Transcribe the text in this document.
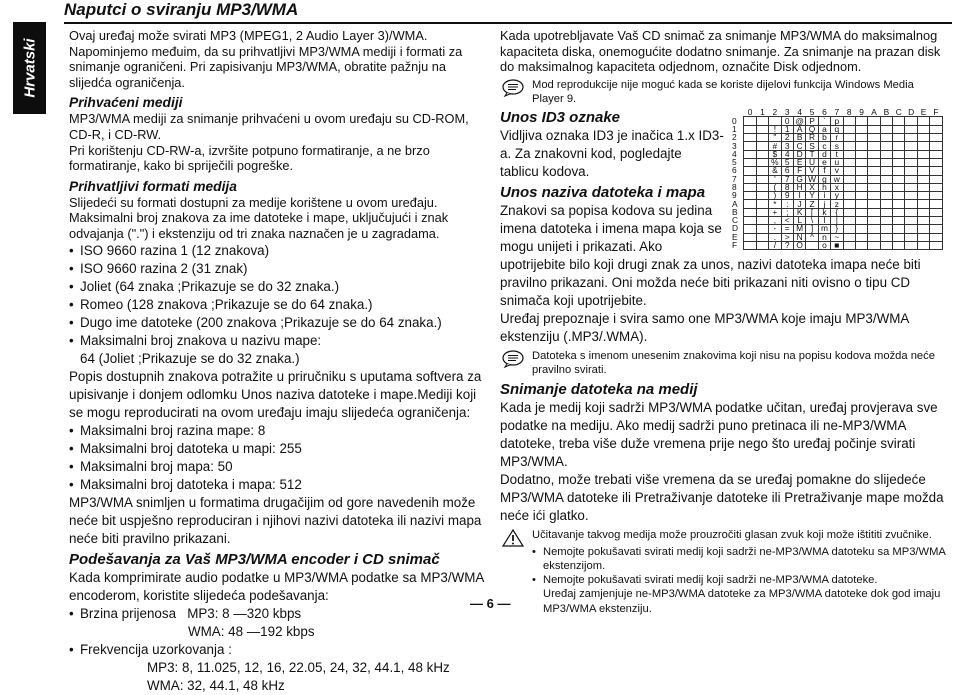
Hrvatski
Naputci o sviranju MP3/WMA

Ovaj uređaj može svirati MP3 (MPEG1, 2 Audio Layer 3)/WMA.

Napominjemo međuim, da su prihvatljivi MP3/WMA mediji i formati za snimanje ograničeni. Pri zapisivanju MP3/WMA, obratite pažnju na slijedća ograničenja.

Prihvaćeni mediji

MP3/WMA mediji za snimanje prihvaćeni u ovom uređaju su CD-ROM, CD-R, i CD-RW.

Pri korištenju CD-RW-a, izvršite potpuno formatiranje, a ne brzo formatiranje, kako bi spriječili pogreške.

Prihvatljivi formati medija

Slijedeći su formati dostupni za medije korištene u ovom uređaju.

Maksimalni broj znakova za ime datoteke i mape, uključujući i znak odvajanja (".") i ekstenziju od tri znaka naznačen je u zagradama.

• ISO 9660 razina 1 (12 znakova)

• ISO 9660 razina 2 (31 znak)

• Joliet (64 znaka ;Prikazuje se do 32 znaka.)

• Romeo (128 znakova ;Prikazuje se do 64 znaka.)

• Dugo ime datoteke (200 znakova ;Prikazuje se do 64 znaka.)

• Maksimalni broj znakova u nazivu mape:

64 (Joliet ;Prikazuje se do 32 znaka.)

Popis dostupnih znakova potražite u priručniku s uputama softvera za upisivanje i donjem odlomku Unos naziva datoteke i mape.Mediji koji se mogu reproducirati na ovom uređaju imaju slijedeća ograničenja:

• Maksimalni broj razina mape: 8

• Maksimalni broj datoteka u mapi: 255

• Maksimalni broj mapa: 50

• Maksimalni broj datoteka i mapa: 512

MP3/WMA snimljen u formatima drugačijim od gore navedenih može neće bit uspješno reproduciran i njihovi nazivi datoteka ili nazivi mapa neće biti pravilno prikazani.

Podešavanja za Vaš MP3/WMA encoder i CD snimač

Kada komprimirate audio podatke u MP3/WMA podatke sa MP3/WMA encoderom, koristite slijedeća podešavanja:

• Brzina prijenosa MP3: 8 —320 kbps

WMA: 48 —192 kbps

• Frekvencija uzorkovanja :

MP3: 8, 11.025, 12, 16, 22.05, 24, 32, 44.1, 48 kHz

WMA: 32, 44.1, 48 kHz

Kada upotrebljavate Vaš CD snimač za snimanje MP3/WMA do maksimalnog kapaciteta diska, onemogućite dodatno snimanje. Za snimanje na prazan disk do maksimalnog kapaciteta odjednom, označite Disk odjednom.

Mod reprodukcije nije moguć kada se koriste dijelovi funkcija Windows Media Player 9.

	0	1	2	3	4	5	6	7	8	9	A	B	C	D	E	F
0				0	@	P	`	p								
1			!	1	A	Q	a	q								
2			"	2	B	R	b	r								
3			#	3	C	S	c	s								
4			$	4	D	T	d	t								
5			%	5	E	U	e	u								
6			&	6	F	V	f	v								
7			'	7	G	W	g	w								
8			(	8	H	X	h	x								
9			)	9	I	Y	i	y								
A			*	:	J	Z	j	z								
B			+	;	K	[	k	{								
C			,	<	L	\	l	|								
D			-	=	M	]	m	}								
E			.	>	N	^	n	~								
F			/	?	O	_	o	■								

Unos ID3 oznake

Vidljiva oznaka ID3 je inačica 1.x ID3-a. Za znakovni kod, pogledajte tablicu kodova.

Unos naziva datoteka i mapa

Znakovi sa popisa kodova su jedina imena datoteka i imena mapa koja se mogu unijeti i prikazati. Ako upotrijebite bilo koji drugi znak za unos, nazivi datoteka imapa neće biti pravilno prikazani. Oni možda neće biti prikazani niti ovisno o tipu CD snimača koji upotrijebite.

Uređaj prepoznaje i svira samo one MP3/WMA koje imaju MP3/WMA ekstenziju (.MP3/.WMA).

Datoteka s imenom unesenim znakovima koji nisu na popisu kodova možda neće pravilno svirati.

Snimanje datoteka na medij

Kada je medij koji sadrži MP3/WMA podatke učitan, uređaj provjerava sve podatke na mediju. Ako medij sadrži puno pretinaca ili ne-MP3/WMA datoteke, treba više duže vremena prije nego što uređaj počinje svirati MP3/WMA.

Dodatno, može trebati više vremena da se uređaj pomakne do slijedeće MP3/WMA datoteke ili Pretraživanje datoteke ili Pretraživanje mape možda neće ići glatko.

Učitavanje takvog medija može prouzročiti glasan zvuk koji može ištititi zvučnike.

• Nemojte pokušavati svirati medij koji sadrži ne-MP3/WMA datoteku sa MP3/WMA ekstenzijom.

• Nemojte pokušavati svirati medij koji sadrži ne-MP3/WMA datoteke.

Uređaj zamjenjuje ne-MP3/WMA datoteke za MP3/WMA datoteke dok god imaju MP3/WMA ekstenziju.

— 6 —
